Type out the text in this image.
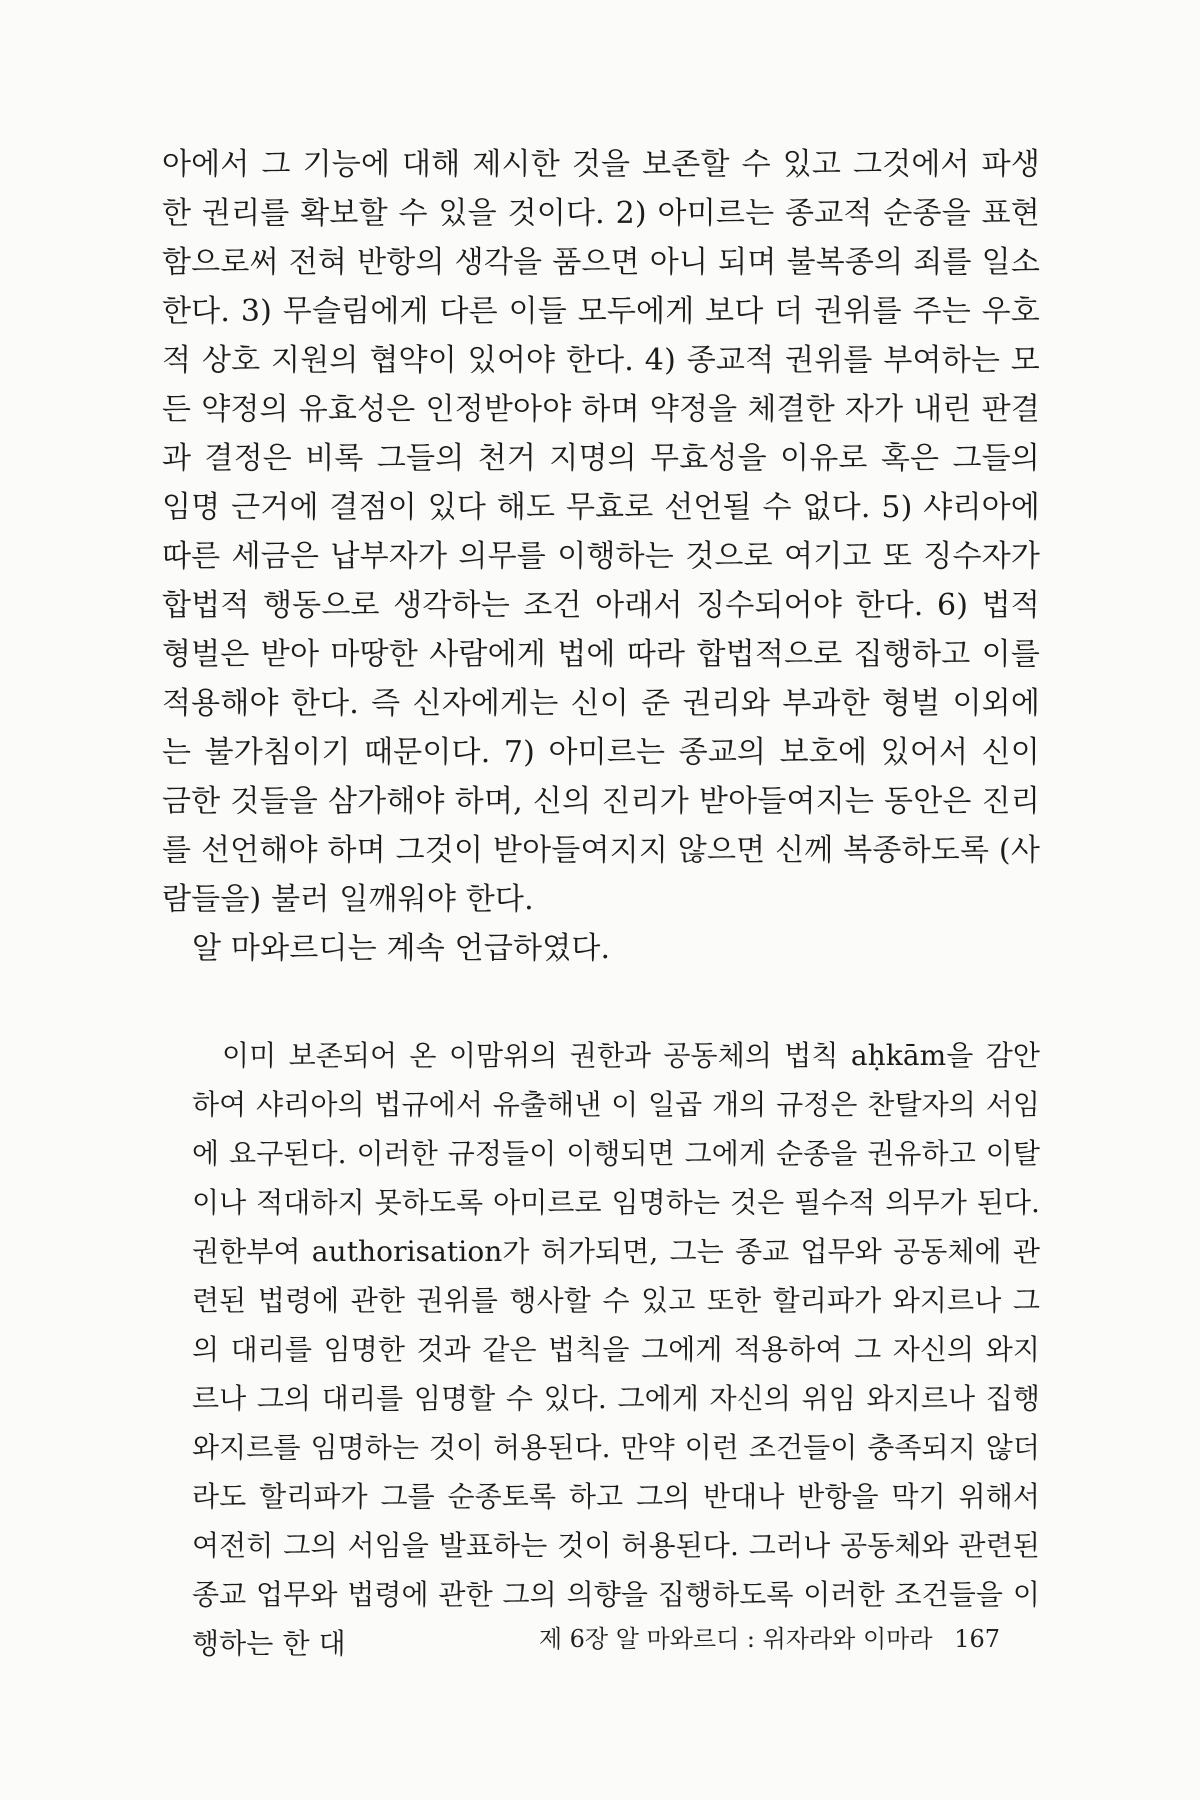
아에서 그 기능에 대해 제시한 것을 보존할 수 있고 그것에서 파생한 권리를 확보할 수 있을 것이다. 2) 아미르는 종교적 순종을 표현함으로써 전혀 반항의 생각을 품으면 아니 되며 불복종의 죄를 일소한다. 3) 무슬림에게 다른 이들 모두에게 보다 더 권위를 주는 우호적 상호 지원의 협약이 있어야 한다. 4) 종교적 권위를 부여하는 모든 약정의 유효성은 인정받아야 하며 약정을 체결한 자가 내린 판결과 결정은 비록 그들의 천거 지명의 무효성을 이유로 혹은 그들의 임명 근거에 결점이 있다 해도 무효로 선언될 수 없다. 5) 샤리아에 따른 세금은 납부자가 의무를 이행하는 것으로 여기고 또 징수자가 합법적 행동으로 생각하는 조건 아래서 징수되어야 한다. 6) 법적 형벌은 받아 마땅한 사람에게 법에 따라 합법적으로 집행하고 이를 적용해야 한다. 즉 신자에게는 신이 준 권리와 부과한 형벌 이외에는 불가침이기 때문이다. 7) 아미르는 종교의 보호에 있어서 신이 금한 것들을 삼가해야 하며, 신의 진리가 받아들여지는 동안은 진리를 선언해야 하며 그것이 받아들여지지 않으면 신께 복종하도록 (사람들을) 불러 일깨워야 한다.

알 마와르디는 계속 언급하였다.

이미 보존되어 온 이맘위의 권한과 공동체의 법칙 aḥkām을 감안하여 샤리아의 법규에서 유출해낸 이 일곱 개의 규정은 찬탈자의 서임에 요구된다. 이러한 규정들이 이행되면 그에게 순종을 권유하고 이탈이나 적대하지 못하도록 아미르로 임명하는 것은 필수적 의무가 된다. 권한부여 authorisation가 허가되면, 그는 종교 업무와 공동체에 관련된 법령에 관한 권위를 행사할 수 있고 또한 할리파가 와지르나 그의 대리를 임명한 것과 같은 법칙을 그에게 적용하여 그 자신의 와지르나 그의 대리를 임명할 수 있다. 그에게 자신의 위임 와지르나 집행 와지르를 임명하는 것이 허용된다. 만약 이런 조건들이 충족되지 않더라도 할리파가 그를 순종토록 하고 그의 반대나 반항을 막기 위해서 여전히 그의 서임을 발표하는 것이 허용된다. 그러나 공동체와 관련된 종교 업무와 법령에 관한 그의 의향을 집행하도록 이러한 조건들을 이행하는 한 대	제 6장 알 마와르디 : 위자라와 이마라 167
